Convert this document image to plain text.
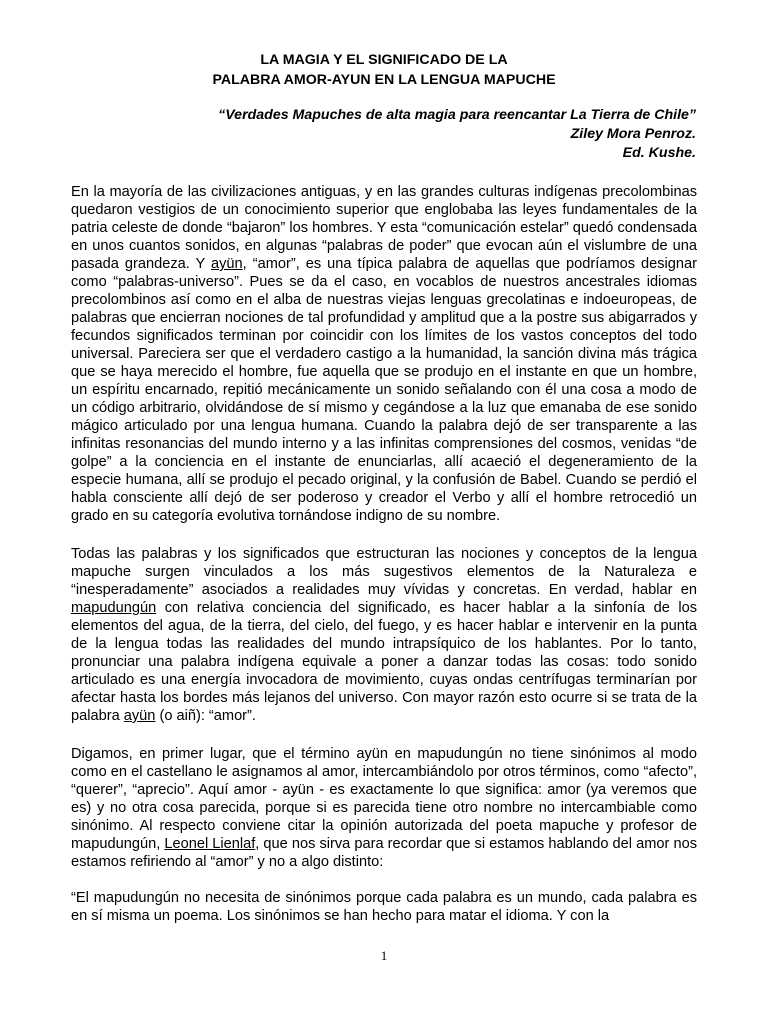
LA MAGIA Y EL SIGNIFICADO DE LA
PALABRA AMOR-AYUN EN LA LENGUA MAPUCHE
“Verdades Mapuches de alta magia para reencantar La Tierra de Chile”
Ziley Mora Penroz.
Ed. Kushe.

En la mayoría de las civilizaciones antiguas, y en las grandes culturas indígenas precolombinas quedaron vestigios de un conocimiento superior que englobaba las leyes fundamentales de la patria celeste de donde “bajaron” los hombres. Y esta “comunicación estelar” quedó condensada en unos cuantos sonidos, en algunas “palabras de poder” que evocan aún el vislumbre de una pasada grandeza. Y ayün, “amor”, es una típica palabra de aquellas que podríamos designar como “palabras-universo”. Pues se da el caso, en vocablos de nuestros ancestrales idiomas precolombinos así como en el alba de nuestras viejas lenguas grecolatinas e indoeuropeas, de palabras que encierran nociones de tal profundidad y amplitud que a la postre sus abigarrados y fecundos significados terminan por coincidir con los límites de los vastos conceptos del todo universal. Pareciera ser que el verdadero castigo a la humanidad, la sanción divina más trágica que se haya merecido el hombre, fue aquella que se produjo en el instante en que un hombre, un espíritu encarnado, repitió mecánicamente un sonido señalando con él una cosa a modo de un código arbitrario, olvidándose de sí mismo y cegándose a la luz que emanaba de ese sonido mágico articulado por una lengua humana. Cuando la palabra dejó de ser transparente a las infinitas resonancias del mundo interno y a las infinitas comprensiones del cosmos, venidas “de golpe” a la conciencia en el instante de enunciarlas, allí acaeció el degeneramiento de la especie humana, allí se produjo el pecado original, y la confusión de Babel. Cuando se perdió el habla consciente allí dejó de ser poderoso y creador el Verbo y allí el hombre retrocedió un grado en su categoría evolutiva tornándose indigno de su nombre.

Todas las palabras y los significados que estructuran las nociones y conceptos de la lengua mapuche surgen vinculados a los más sugestivos elementos de la Naturaleza e “inesperadamente” asociados a realidades muy vívidas y concretas. En verdad, hablar en mapudungún con relativa conciencia del significado, es hacer hablar a la sinfonía de los elementos del agua, de la tierra, del cielo, del fuego, y es hacer hablar e intervenir en la punta de la lengua todas las realidades del mundo intrapsíquico de los hablantes. Por lo tanto, pronunciar una palabra indígena equivale a poner a danzar todas las cosas: todo sonido articulado es una energía invocadora de movimiento, cuyas ondas centrífugas terminarían por afectar hasta los bordes más lejanos del universo. Con mayor razón esto ocurre si se trata de la palabra ayün (o aiñ): “amor”.

Digamos, en primer lugar, que el término ayün en mapudungún no tiene sinónimos al modo como en el castellano le asignamos al amor, intercambiándolo por otros términos, como “afecto”, “querer”, “aprecio”. Aquí amor - ayün - es exactamente lo que significa: amor (ya veremos que es) y no otra cosa parecida, porque si es parecida tiene otro nombre no intercambiable como sinónimo. Al respecto conviene citar la opinión autorizada del poeta mapuche y profesor de mapudungún, Leonel Lienlaf, que nos sirva para recordar que si estamos hablando del amor nos estamos refiriendo al “amor” y no a algo distinto:

“El mapudungún no necesita de sinónimos porque cada palabra es un mundo, cada palabra es en sí misma un poema. Los sinónimos se han hecho para matar el idioma. Y con la

1
